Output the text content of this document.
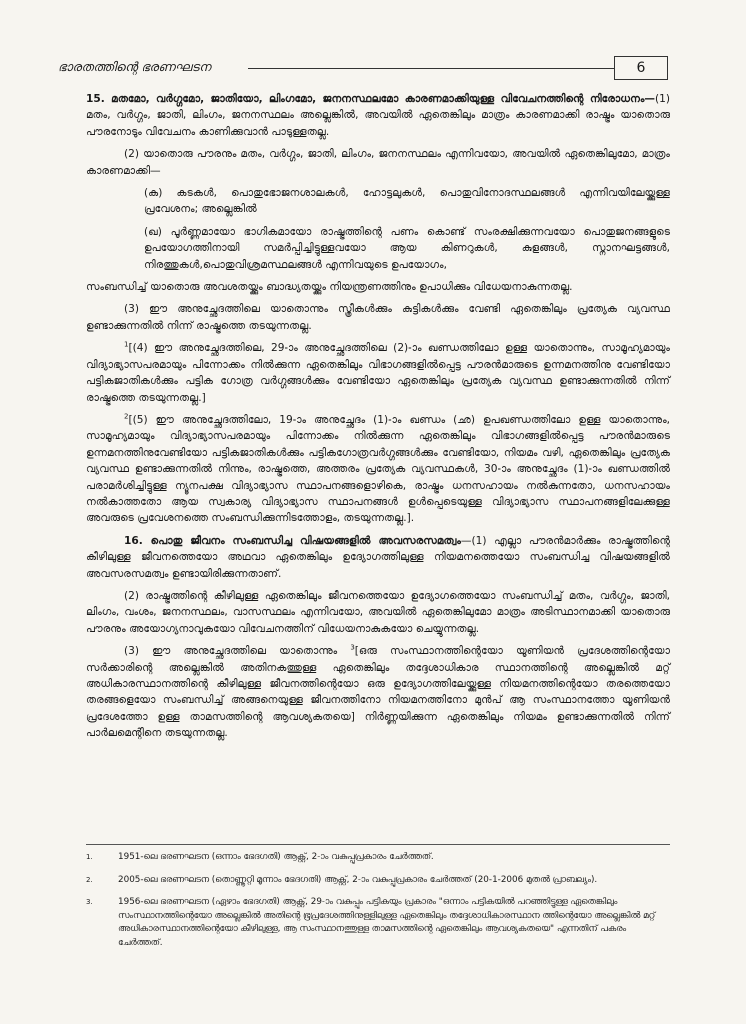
ഭാരതത്തിന്റെ ഭരണഘടന	6

15. മതമോ, വർഗ്ഗമോ, ജാതിയോ, ലിംഗമോ, ജനനസ്ഥലമോ കാരണമാക്കിയുള്ള വിവേചനത്തിന്റെ നിരോധനം—(1) മതം, വർഗ്ഗം, ജാതി, ലിംഗം, ജനനസ്ഥലം അല്ലെങ്കിൽ, അവയിൽ ഏതെങ്കിലും മാത്രം കാരണമാക്കി രാഷ്ട്രം യാതൊരു പൗരനോടും വിവേചനം കാണിക്കുവാൻ പാടുള്ളതല്ല.

(2) യാതൊരു പൗരനും മതം, വർഗ്ഗം, ജാതി, ലിംഗം, ജനനസ്ഥലം എന്നിവയോ, അവയിൽ ഏതെങ്കിലുമോ, മാത്രം കാരണമാക്കി—

(ക) കടകൾ, പൊതുഭോജനശാലകൾ, ഹോട്ടലുകൾ, പൊതുവിനോദസ്ഥലങ്ങൾ എന്നിവയിലേയ്ക്കുള്ള പ്രവേശനം; അല്ലെങ്കിൽ

(ഖ) പൂർണ്ണമായോ ഭാഗികമായോ രാഷ്ട്രത്തിന്റെ പണം കൊണ്ട് സംരക്ഷിക്കുന്നവയോ പൊതുജനങ്ങളുടെ ഉപയോഗത്തിനായി സമർപ്പിച്ചിട്ടുള്ളവയോ ആയ കിണറുകൾ, കുളങ്ങൾ, സ്നാനഘട്ടങ്ങൾ, നിരത്തുകൾ,പൊതുവിശ്രമസ്ഥലങ്ങൾ എന്നിവയുടെ ഉപയോഗം,

സംബന്ധിച്ച് യാതൊരു അവശതയ്ക്കും ബാദ്ധ്യതയ്ക്കും നിയന്ത്രണത്തിനും ഉപാധിക്കും വിധേയനാകുന്നതല്ല.

(3) ഈ അനുച്ഛേദത്തിലെ യാതൊന്നും സ്ത്രീകൾക്കും കുട്ടികൾക്കും വേണ്ടി ഏതെങ്കിലും പ്രത്യേക വ്യവസ്ഥ ഉണ്ടാക്കുന്നതിൽ നിന്ന് രാഷ്ട്രത്തെ തടയുന്നതല്ല.

$^1$[(4) ഈ അനുച്ഛേദത്തിലെ, 29-ാം അനുച്ഛേദത്തിലെ (2)-ാം ഖണ്ഡത്തിലോ ഉള്ള യാതൊന്നും, സാമൂഹ്യമായും വിദ്യാഭ്യാസപരമായും പിന്നോക്കം നിൽക്കുന്ന ഏതെങ്കിലും വിഭാഗങ്ങളിൽപ്പെട്ട പൗരൻമാരുടെ ഉന്നമനത്തിനു വേണ്ടിയോ പട്ടികജാതികൾക്കും പട്ടിക ഗോത്ര വർഗ്ഗങ്ങൾക്കും വേണ്ടിയോ ഏതെങ്കിലും പ്രത്യേക വ്യവസ്ഥ ഉണ്ടാക്കുന്നതിൽ നിന്ന് രാഷ്ട്രത്തെ തടയുന്നതല്ല.]

$^2$[(5) ഈ അനുച്ഛേദത്തിലോ, 19-ാം അനുച്ഛേദം (1)-ാം ഖണ്ഡം (ഛ) ഉപഖണ്ഡത്തിലോ ഉള്ള യാതൊന്നും, സാമൂഹ്യമായും വിദ്യാഭ്യാസപരമായും പിന്നോക്കം നിൽക്കുന്ന ഏതെങ്കിലും വിഭാഗങ്ങളിൽപ്പെട്ട പൗരൻമാരുടെ ഉന്നമനത്തിനുവേണ്ടിയോ പട്ടികജാതികൾക്കും പട്ടികഗോത്രവർഗ്ഗങ്ങൾക്കും വേണ്ടിയോ, നിയമം വഴി, ഏതെങ്കിലും പ്രത്യേക വ്യവസ്ഥ ഉണ്ടാക്കുന്നതിൽ നിന്നും, രാഷ്ട്രത്തെ, അത്തരം പ്രത്യേക വ്യവസ്ഥകൾ, 30-ാം അനുച്ഛേദം (1)-ാം ഖണ്ഡത്തിൽ പരാമർശിച്ചിട്ടുള്ള ന്യൂനപക്ഷ വിദ്യാഭ്യാസ സ്ഥാപനങ്ങളൊഴികെ, രാഷ്ട്രം ധനസഹായം നൽകുന്നതോ, ധനസഹായം നൽകാത്തതോ ആയ സ്വകാര്യ വിദ്യാഭ്യാസ സ്ഥാപനങ്ങൾ ഉൾപ്പെടെയുള്ള വിദ്യാഭ്യാസ സ്ഥാപനങ്ങളിലേക്കുള്ള അവരുടെ പ്രവേശനത്തെ സംബന്ധിക്കുന്നിടത്തോളം, തടയുന്നതല്ല.].

16. പൊതു ജീവനം സംബന്ധിച്ച വിഷയങ്ങളിൽ അവസരസമത്വം—(1) എല്ലാ പൗരൻമാർക്കും രാഷ്ട്രത്തിന്റെ കീഴിലുള്ള ജീവനത്തെയോ അഥവാ ഏതെങ്കിലും ഉദ്യോഗത്തിലുള്ള നിയമനത്തെയോ സംബന്ധിച്ച വിഷയങ്ങളിൽ അവസരസമത്വം ഉണ്ടായിരിക്കുന്നതാണ്.

(2) രാഷ്ട്രത്തിന്റെ കീഴിലുള്ള ഏതെങ്കിലും ജീവനത്തെയോ ഉദ്യോഗത്തെയോ സംബന്ധിച്ച് മതം, വർഗ്ഗം, ജാതി, ലിംഗം, വംശം, ജനനസ്ഥലം, വാസസ്ഥലം എന്നിവയോ, അവയിൽ ഏതെങ്കിലുമോ മാത്രം അടിസ്ഥാനമാക്കി യാതൊരു പൗരനും അയോഗ്യനാവുകയോ വിവേചനത്തിന് വിധേയനാകുകയോ ചെയ്യുന്നതല്ല.

(3) ഈ അനുച്ഛേദത്തിലെ യാതൊന്നും $^3$[ഒരു സംസ്ഥാനത്തിന്റെയോ യൂണിയൻ പ്രദേശത്തിന്റെയോ സർക്കാരിന്റെ അല്ലെങ്കിൽ അതിനകത്തുള്ള ഏതെങ്കിലും തദ്ദേശാധികാര സ്ഥാനത്തിന്റെ അല്ലെങ്കിൽ മറ്റ് അധികാരസ്ഥാനത്തിന്റെ കീഴിലുള്ള ജീവനത്തിന്റെയോ ഒരു ഉദ്യോഗത്തിലേയ്ക്കുള്ള നിയമനത്തിന്റെയോ തരത്തെയോ തരങ്ങളെയോ സംബന്ധിച്ച് അങ്ങനെയുള്ള ജീവനത്തിനോ നിയമനത്തിനോ മുൻപ് ആ സംസ്ഥാനത്തോ യൂണിയൻ പ്രദേശത്തോ ഉള്ള താമസത്തിന്റെ ആവശ്യകതയെ] നിർണ്ണയിക്കുന്ന ഏതെങ്കിലും നിയമം ഉണ്ടാക്കുന്നതിൽ നിന്ന് പാർലമെന്റിനെ തടയുന്നതല്ല.

1.	1951-ലെ ഭരണഘടന (ഒന്നാം ഭേദഗതി) ആക്റ്റ്, 2-ാം വകുപ്പുപ്രകാരം ചേർത്തത്.
2.	2005-ലെ ഭരണഘടന (തൊണ്ണൂറ്റി മൂന്നാം ഭേദഗതി) ആക്റ്റ്, 2-ാം വകുപ്പുപ്രകാരം ചേർത്തത് (20-1-2006 മുതൽ പ്രാബല്യം).
3.	1956-ലെ ഭരണഘടന (ഏഴാം ഭേദഗതി) ആക്റ്റ്, 29-ാം വകുപ്പും പട്ടികയും പ്രകാരം "ഒന്നാം പട്ടികയിൽ പറഞ്ഞിട്ടുള്ള ഏതെങ്കിലും സംസ്ഥാനത്തിന്റെയോ അല്ലെങ്കിൽ അതിന്റെ ഭൂപ്രദേശത്തിനുള്ളിലുള്ള ഏതെങ്കിലും തദ്ദേശാധികാരസ്ഥാന ത്തിന്റെയോ അല്ലെങ്കിൽ മറ്റ് അധികാരസ്ഥാനത്തിന്റെയോ കീഴിലുള്ള, ആ സംസ്ഥാനത്തുള്ള താമസത്തിന്റെ ഏതെങ്കിലും ആവശ്യകതയെ" എന്നതിന് പകരം ചേർത്തത്.
